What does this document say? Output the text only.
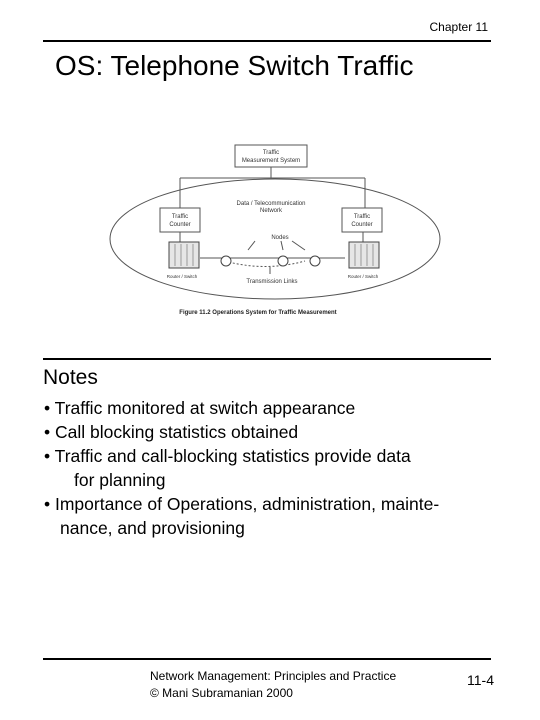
Chapter 11
OS: Telephone Switch Traffic
Traffic
Measurement System
Data / Telecommunication
Network
Traffic
Counter
Traffic
Counter
Nodes
Transmission Links
Router / Switch	Router / Switch
Figure 11.2 Operations System for Traffic Measurement
Notes
• Traffic monitored at switch appearance
• Call blocking statistics obtained
• Traffic and call-blocking statistics provide data
for planning
• Importance of Operations, administration, mainte-
nance, and provisioning
Network Management: Principles and Practice
© Mani Subramanian 2000
11-4
